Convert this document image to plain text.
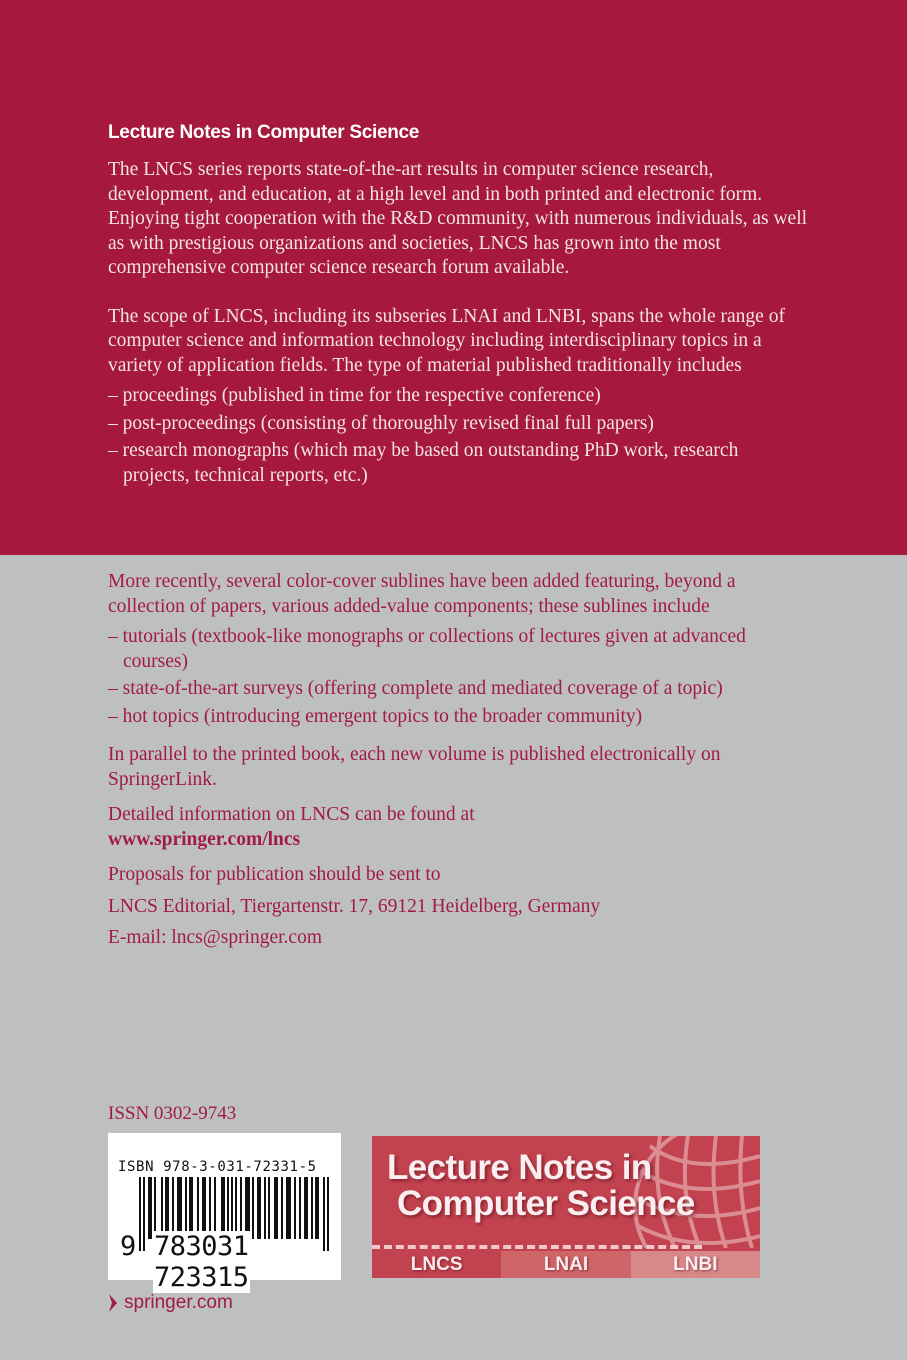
Lecture Notes in Computer Science

The LNCS series reports state-of-the-art results in computer science research, development, and education, at a high level and in both printed and electronic form. Enjoying tight cooperation with the R&D community, with numerous individuals, as well as with prestigious organizations and societies, LNCS has grown into the most comprehensive computer science research forum available.

The scope of LNCS, including its subseries LNAI and LNBI, spans the whole range of computer science and information technology including interdisciplinary topics in a variety of application fields. The type of material published traditionally includes

– proceedings (published in time for the respective conference)
– post-proceedings (consisting of thoroughly revised final full papers)
– research monographs (which may be based on outstanding PhD work, research projects, technical reports, etc.)

More recently, several color-cover sublines have been added featuring, beyond a collection of papers, various added-value components; these sublines include

– tutorials (textbook-like monographs or collections of lectures given at advanced courses)
– state-of-the-art surveys (offering complete and mediated coverage of a topic)
– hot topics (introducing emergent topics to the broader community)

In parallel to the printed book, each new volume is published electronically on SpringerLink.

Detailed information on LNCS can be found at

www.springer.com/lncs

Proposals for publication should be sent to

LNCS Editorial, Tiergartenstr. 17, 69121 Heidelberg, Germany

E-mail: lncs@springer.com

ISSN 0302-9743
ISBN 978-3-031-72331-5
9 783031 723315
Lecture Notes in
Computer Science
LNCS	LNAI	LNBI
springer.com
